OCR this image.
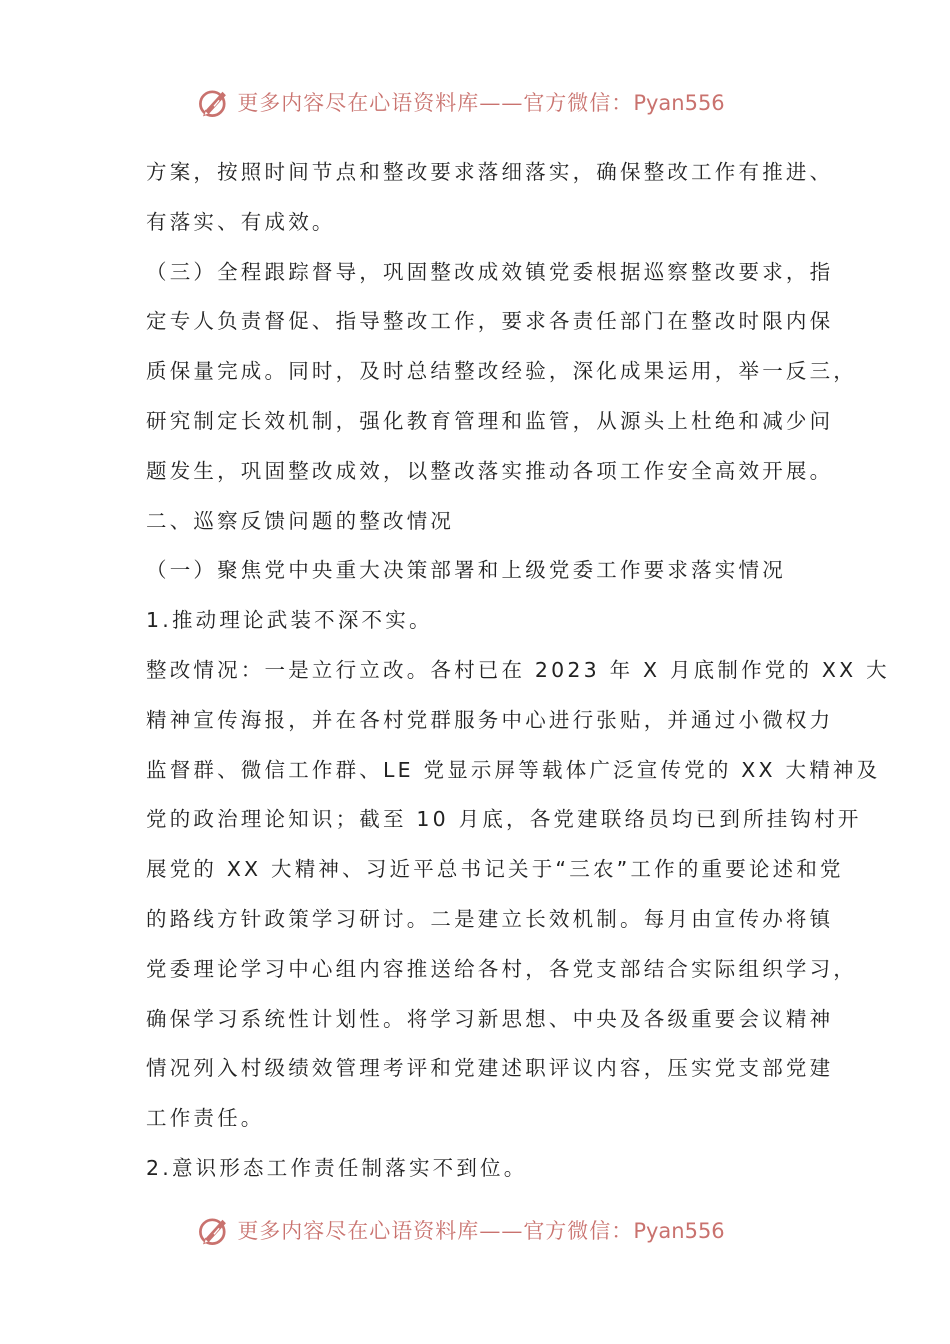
更多内容尽在心语资料库——官方微信：Pyan556
方案，按照时间节点和整改要求落细落实，确保整改工作有推进、
有落实、有成效。
（三）全程跟踪督导，巩固整改成效镇党委根据巡察整改要求，指
定专人负责督促、指导整改工作，要求各责任部门在整改时限内保
质保量完成。同时，及时总结整改经验，深化成果运用，举一反三，
研究制定长效机制，强化教育管理和监管，从源头上杜绝和减少问
题发生，巩固整改成效，以整改落实推动各项工作安全高效开展。
二、巡察反馈问题的整改情况
（一）聚焦党中央重大决策部署和上级党委工作要求落实情况
1.推动理论武装不深不实。
整改情况：一是立行立改。各村已在 2023 年 X 月底制作党的 XX 大
精神宣传海报，并在各村党群服务中心进行张贴，并通过小微权力
监督群、微信工作群、LE 党显示屏等载体广泛宣传党的 XX 大精神及
党的政治理论知识；截至 10 月底，各党建联络员均已到所挂钩村开
展党的 XX 大精神、习近平总书记关于“三农”工作的重要论述和党
的路线方针政策学习研讨。二是建立长效机制。每月由宣传办将镇
党委理论学习中心组内容推送给各村，各党支部结合实际组织学习，
确保学习系统性计划性。将学习新思想、中央及各级重要会议精神
情况列入村级绩效管理考评和党建述职评议内容，压实党支部党建
工作责任。
2.意识形态工作责任制落实不到位。
更多内容尽在心语资料库——官方微信：Pyan556
